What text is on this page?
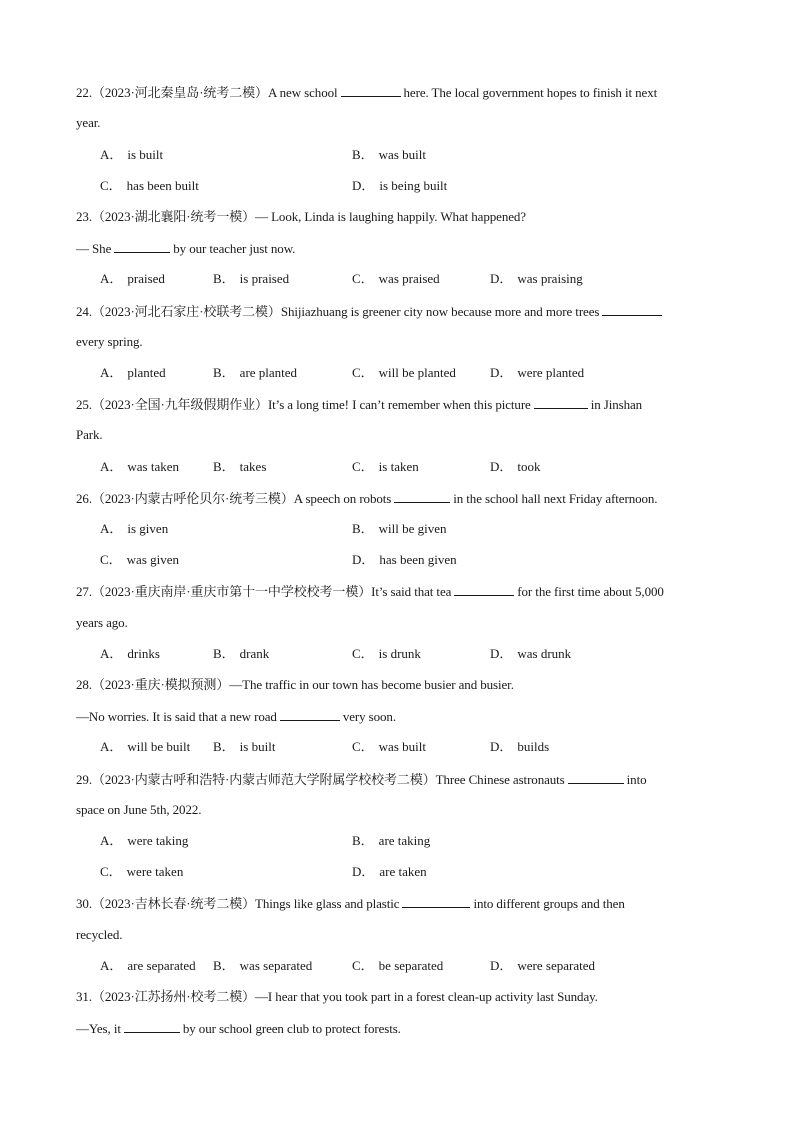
22.（2023·河北秦皇岛·统考二模）A new school	here. The local government hopes to finish it next
year.
A． is built	B． was built
C． has been built	D． is being built
23.（2023·湖北襄阳·统考一模）— Look, Linda is laughing happily. What happened?
— She	by our teacher just now.
A． praised	B． is praised	C． was praised	D． was praising
24.（2023·河北石家庄·校联考二模）Shijiazhuang is greener city now because more and more trees
every spring.
A． planted	B． are planted	C． will be planted	D． were planted
25.（2023·全国·九年级假期作业）It’s a long time! I can’t remember when this picture	in Jinshan
Park.
A． was taken	B． takes	C． is taken	D． took
26.（2023·内蒙古呼伦贝尔·统考三模）A speech on robots	in the school hall next Friday afternoon.
A． is given	B． will be given
C． was given	D． has been given
27.（2023·重庆南岸·重庆市第十一中学校校考一模）It’s said that tea	for the first time about 5,000
years ago.
A． drinks	B． drank	C． is drunk	D． was drunk
28.（2023·重庆·模拟预测）—The traffic in our town has become busier and busier.
—No worries. It is said that a new road	very soon.
A． will be built B． is built	C． was built	D． builds
29.（2023·内蒙古呼和浩特·内蒙古师范大学附属学校校考二模）Three Chinese astronauts	into
space on June 5th, 2022.
A． were taking	B． are taking
C． were taken	D． are taken
30.（2023·吉林长春·统考二模）Things like glass and plastic	into different groups and then
recycled.
A． are separated B． was separated	C． be separated	D． were separated
31.（2023·江苏扬州·校考二模）—I hear that you took part in a forest clean-up activity last Sunday.
—Yes, it	by our school green club to protect forests.
